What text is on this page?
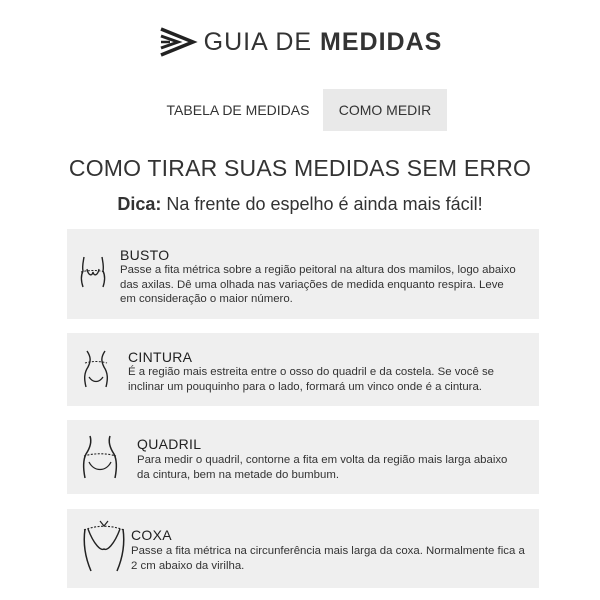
GUIA DE MEDIDAS
TABELA DE MEDIDAS	COMO MEDIR
COMO TIRAR SUAS MEDIDAS SEM ERRO
Dica: Na frente do espelho é ainda mais fácil!
BUSTO
Passe a fita métrica sobre a região peitoral na altura dos mamilos, logo abaixo das axilas. Dê uma olhada nas variações de medida enquanto respira. Leve em consideração o maior número.
CINTURA
É a região mais estreita entre o osso do quadril e da costela. Se você se inclinar um pouquinho para o lado, formará um vinco onde é a cintura.
QUADRIL
Para medir o quadril, contorne a fita em volta da região mais larga abaixo da cintura, bem na metade do bumbum.
COXA
Passe a fita métrica na circunferência mais larga da coxa. Normalmente fica a 2 cm abaixo da virilha.
